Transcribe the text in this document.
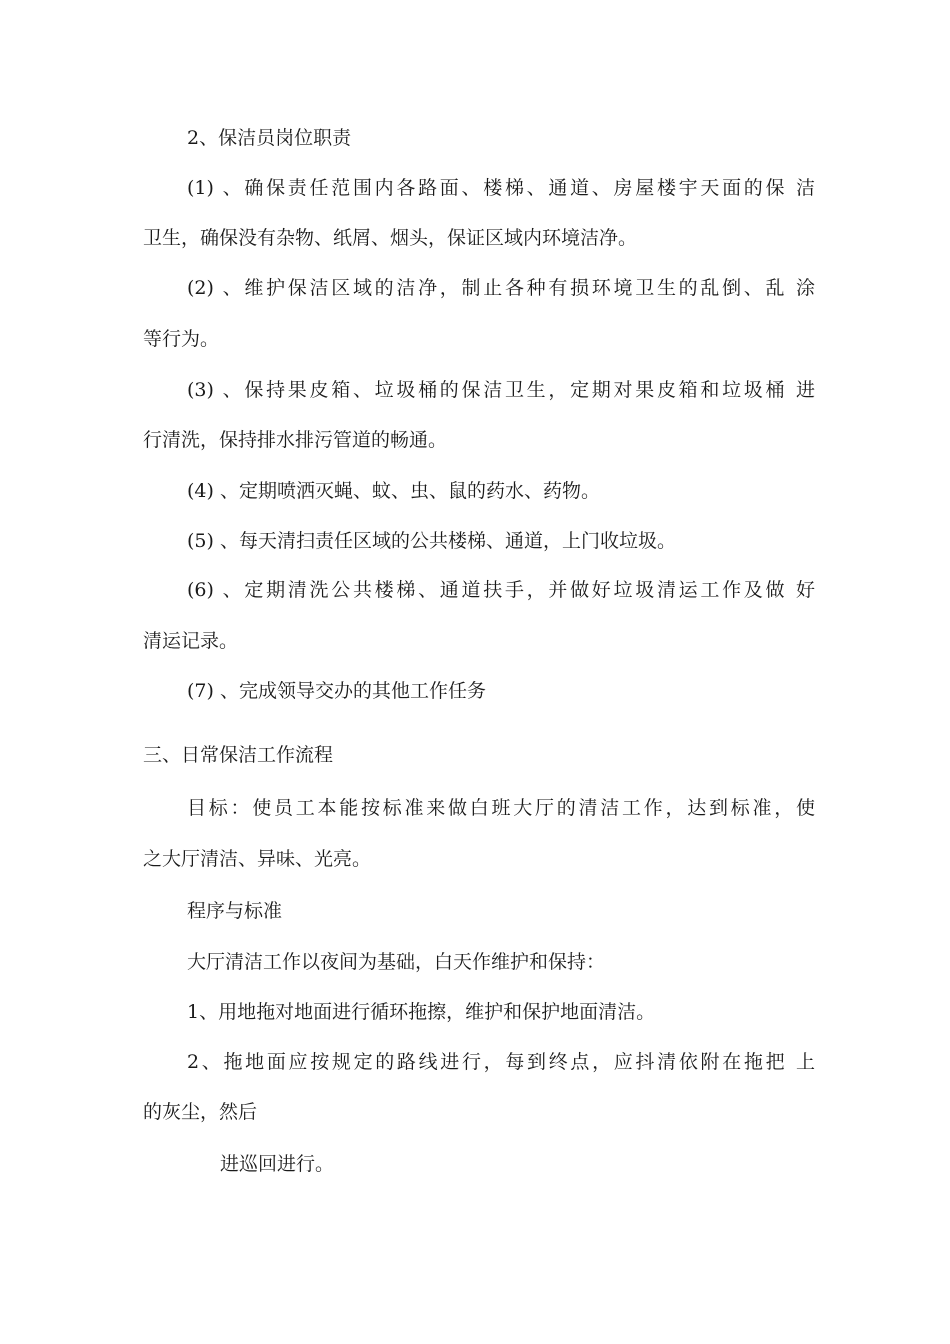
2、保洁员岗位职责
(1) 、确保责任范围内各路面、楼梯、通道、房屋楼宇天面的保 洁
卫生，确保没有杂物、纸屑、烟头，保证区域内环境洁净。
(2) 、维护保洁区域的洁净，制止各种有损环境卫生的乱倒、乱 涂
等行为。
(3) 、保持果皮箱、垃圾桶的保洁卫生，定期对果皮箱和垃圾桶 进
行清洗，保持排水排污管道的畅通。
(4) 、定期喷洒灭蝇、蚊、虫、鼠的药水、药物。
(5) 、每天清扫责任区域的公共楼梯、通道，上门收垃圾。
(6) 、定期清洗公共楼梯、通道扶手，并做好垃圾清运工作及做 好
清运记录。
(7) 、完成领导交办的其他工作任务
三、日常保洁工作流程
目标：使员工本能按标准来做白班大厅的清洁工作，达到标准，使
之大厅清洁、异味、光亮。
程序与标准
大厅清洁工作以夜间为基础，白天作维护和保持：
1、用地拖对地面进行循环拖擦，维护和保护地面清洁。
2、拖地面应按规定的路线进行，每到终点，应抖清依附在拖把 上
的灰尘，然后
进巡回进行。
